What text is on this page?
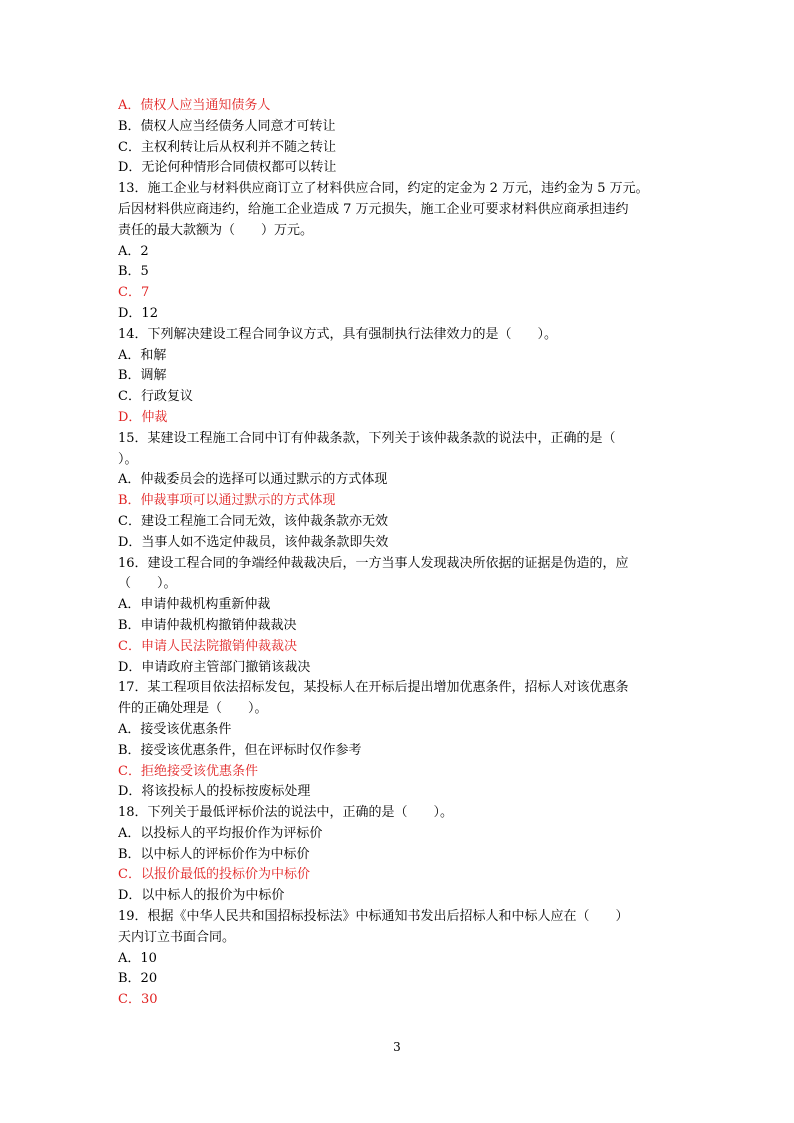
A．债权人应当通知债务人
B．债权人应当经债务人同意才可转让
C．主权利转让后从权利并不随之转让
D．无论何种情形合同债权都可以转让
13．施工企业与材料供应商订立了材料供应合同，约定的定金为 2 万元，违约金为 5 万元。
后因材料供应商违约，给施工企业造成 7 万元损失，施工企业可要求材料供应商承担违约
责任的最大款额为（　　）万元。
A．2
B．5
C．7
D．12
14．下列解决建设工程合同争议方式，具有强制执行法律效力的是（　　）。
A．和解
B．调解
C．行政复议
D．仲裁
15．某建设工程施工合同中订有仲裁条款，下列关于该仲裁条款的说法中，正确的是（
）。
A．仲裁委员会的选择可以通过默示的方式体现
B．仲裁事项可以通过默示的方式体现
C．建设工程施工合同无效，该仲裁条款亦无效
D．当事人如不选定仲裁员，该仲裁条款即失效
16．建设工程合同的争端经仲裁裁决后，一方当事人发现裁决所依据的证据是伪造的，应
（　　）。
A．申请仲裁机构重新仲裁
B．申请仲裁机构撤销仲裁裁决
C．申请人民法院撤销仲裁裁决
D．申请政府主管部门撤销该裁决
17．某工程项目依法招标发包，某投标人在开标后提出增加优惠条件，招标人对该优惠条
件的正确处理是（　　）。
A．接受该优惠条件
B．接受该优惠条件，但在评标时仅作参考
C．拒绝接受该优惠条件
D．将该投标人的投标按废标处理
18．下列关于最低评标价法的说法中，正确的是（　　）。
A．以投标人的平均报价作为评标价
B．以中标人的评标价作为中标价
C．以报价最低的投标价为中标价
D．以中标人的报价为中标价
19．根据《中华人民共和国招标投标法》中标通知书发出后招标人和中标人应在（　　）
天内订立书面合同。
A．10
B．20
C．30
3
